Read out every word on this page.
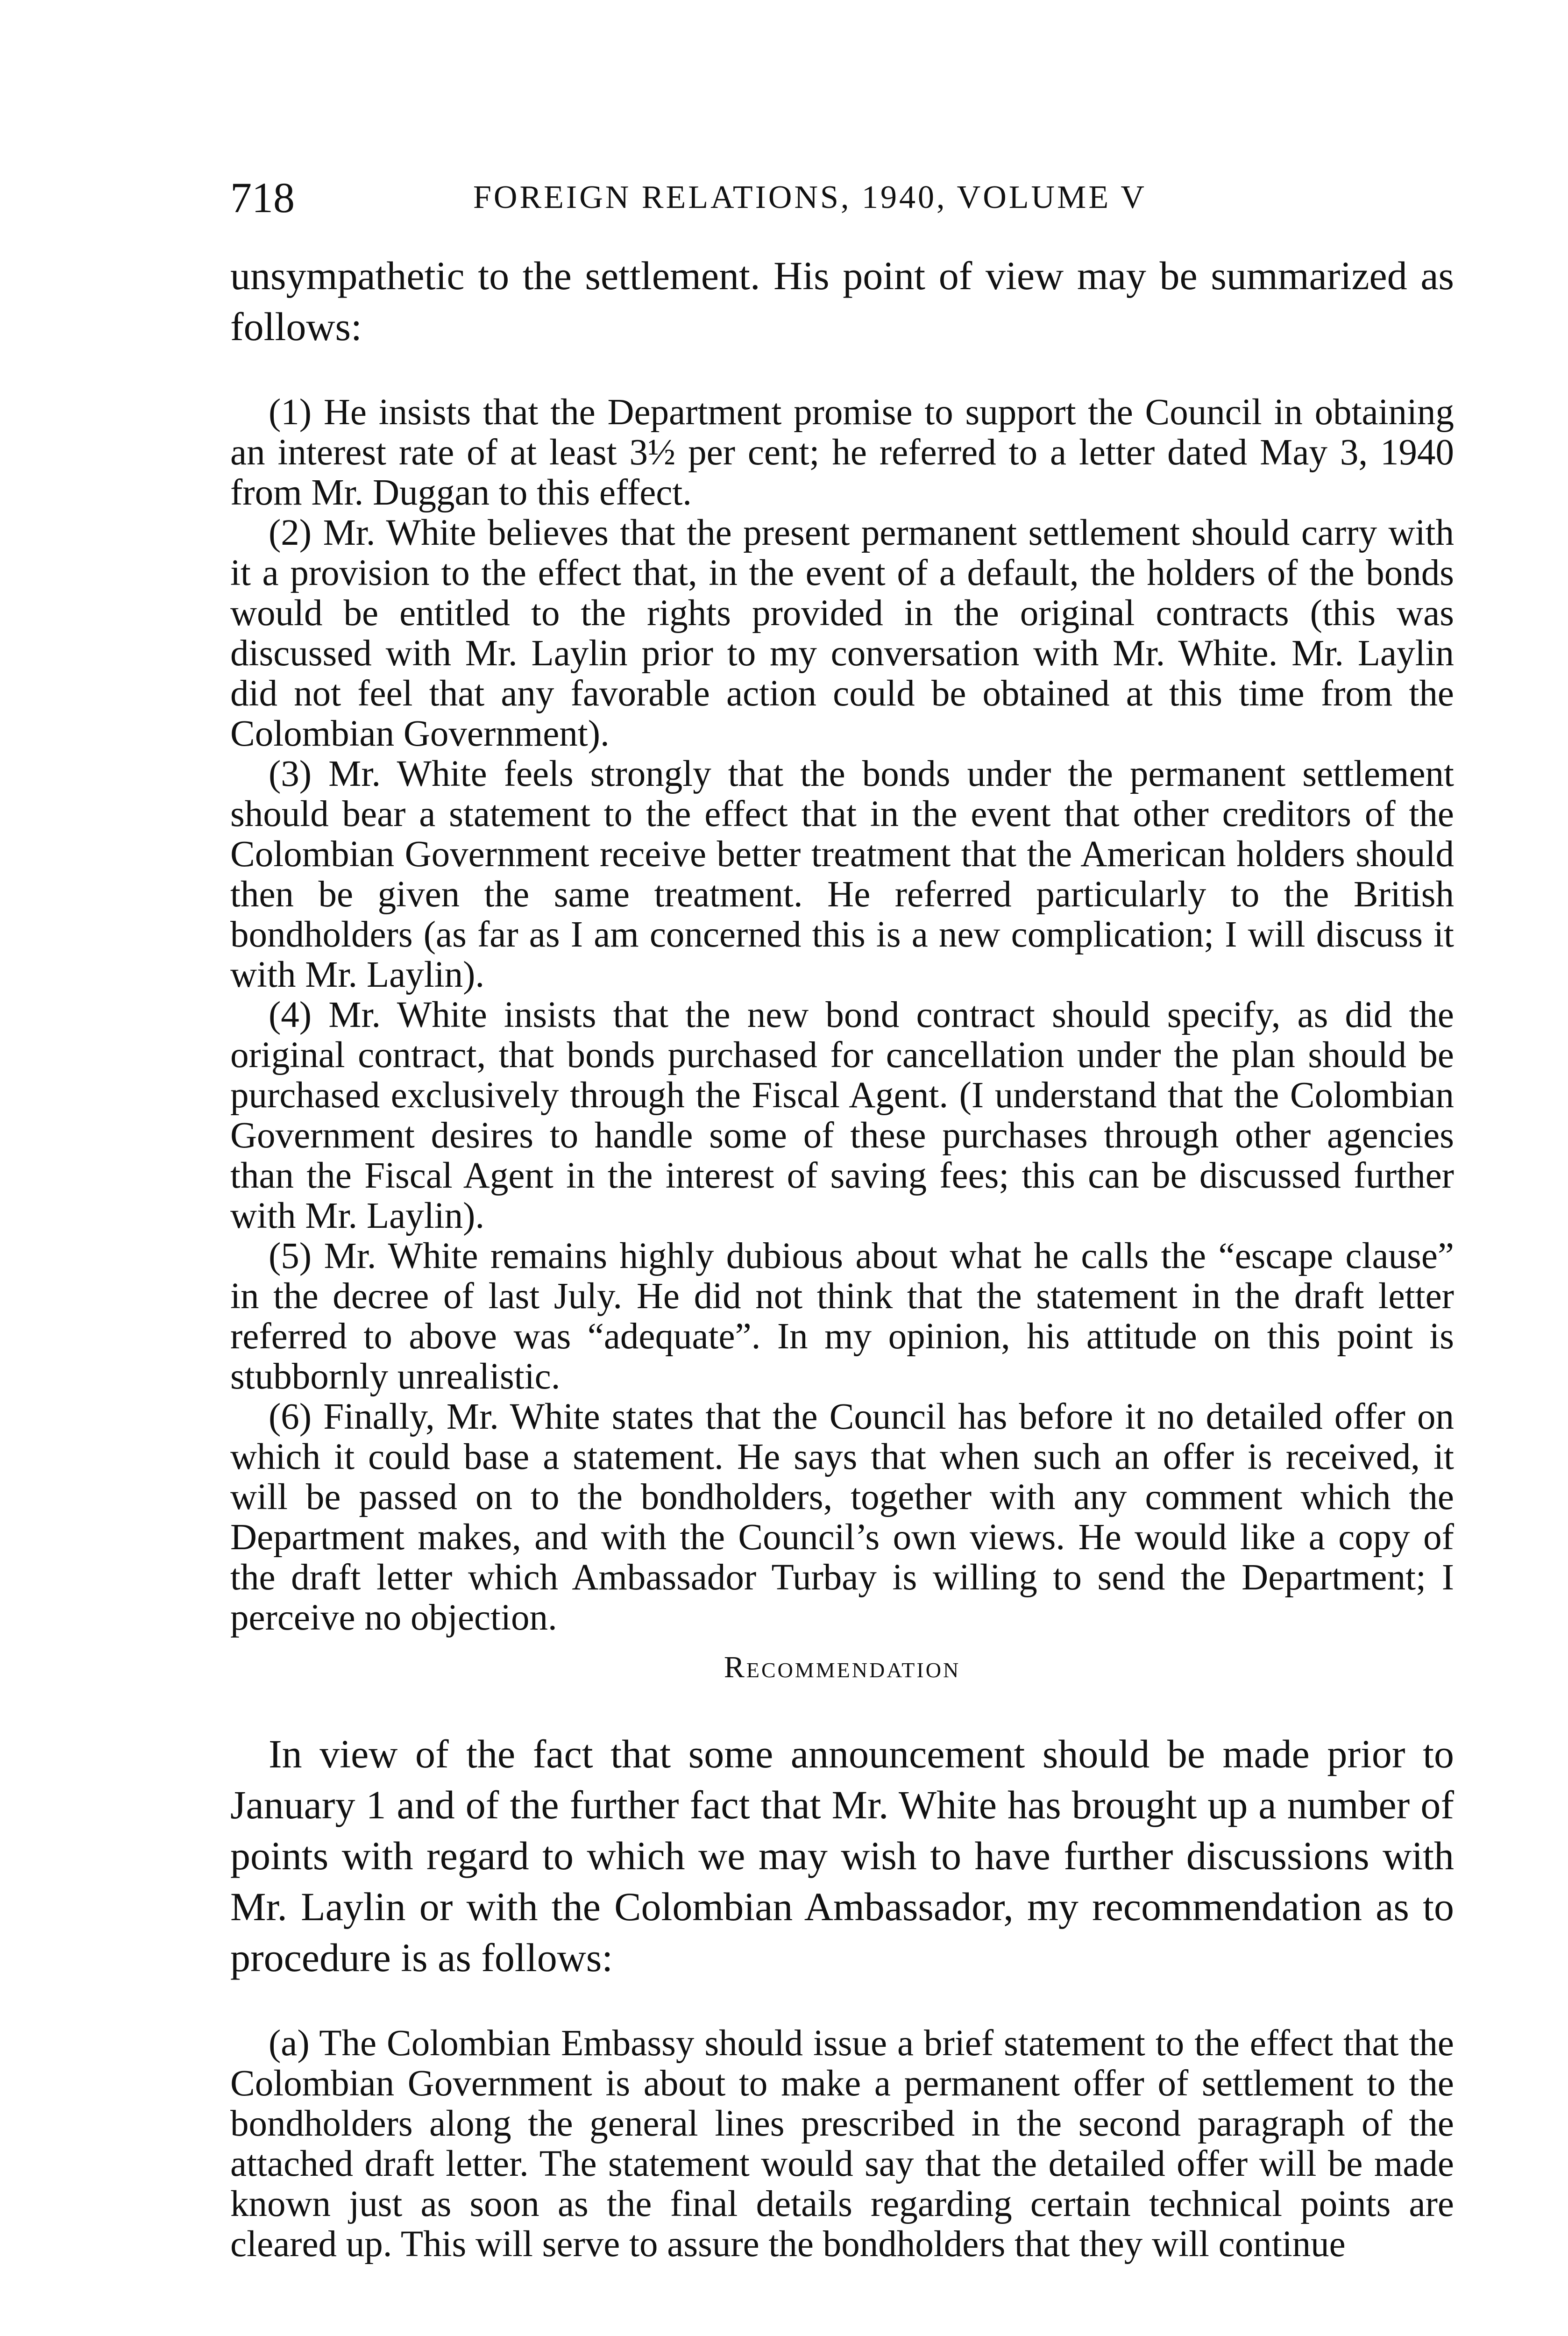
718	FOREIGN RELATIONS, 1940, VOLUME V

unsympathetic to the settlement. His point of view may be summarized as follows:

(1) He insists that the Department promise to support the Council in obtaining an interest rate of at least 3½ per cent; he referred to a letter dated May 3, 1940 from Mr. Duggan to this effect.

(2) Mr. White believes that the present permanent settlement should carry with it a provision to the effect that, in the event of a default, the holders of the bonds would be entitled to the rights provided in the original contracts (this was discussed with Mr. Laylin prior to my conversation with Mr. White. Mr. Laylin did not feel that any favorable action could be obtained at this time from the Colombian Government).

(3) Mr. White feels strongly that the bonds under the permanent settlement should bear a statement to the effect that in the event that other creditors of the Colombian Government receive better treatment that the American holders should then be given the same treatment. He referred particularly to the British bondholders (as far as I am concerned this is a new complication; I will discuss it with Mr. Laylin).

(4) Mr. White insists that the new bond contract should specify, as did the original contract, that bonds purchased for cancellation under the plan should be purchased exclusively through the Fiscal Agent. (I understand that the Colombian Government desires to handle some of these purchases through other agencies than the Fiscal Agent in the interest of saving fees; this can be discussed further with Mr. Laylin).

(5) Mr. White remains highly dubious about what he calls the “escape clause” in the decree of last July. He did not think that the statement in the draft letter referred to above was “adequate”. In my opinion, his attitude on this point is stubbornly unrealistic.

(6) Finally, Mr. White states that the Council has before it no detailed offer on which it could base a statement. He says that when such an offer is received, it will be passed on to the bondholders, together with any comment which the Department makes, and with the Council’s own views. He would like a copy of the draft letter which Ambassador Turbay is willing to send the Department; I perceive no objection.

Recommendation

In view of the fact that some announcement should be made prior to January 1 and of the further fact that Mr. White has brought up a number of points with regard to which we may wish to have further discussions with Mr. Laylin or with the Colombian Ambassador, my recommendation as to procedure is as follows:

(a) The Colombian Embassy should issue a brief statement to the effect that the Colombian Government is about to make a permanent offer of settlement to the bondholders along the general lines prescribed in the second paragraph of the attached draft letter. The statement would say that the detailed offer will be made known just as soon as the final details regarding certain technical points are cleared up. This will serve to assure the bondholders that they will continue
